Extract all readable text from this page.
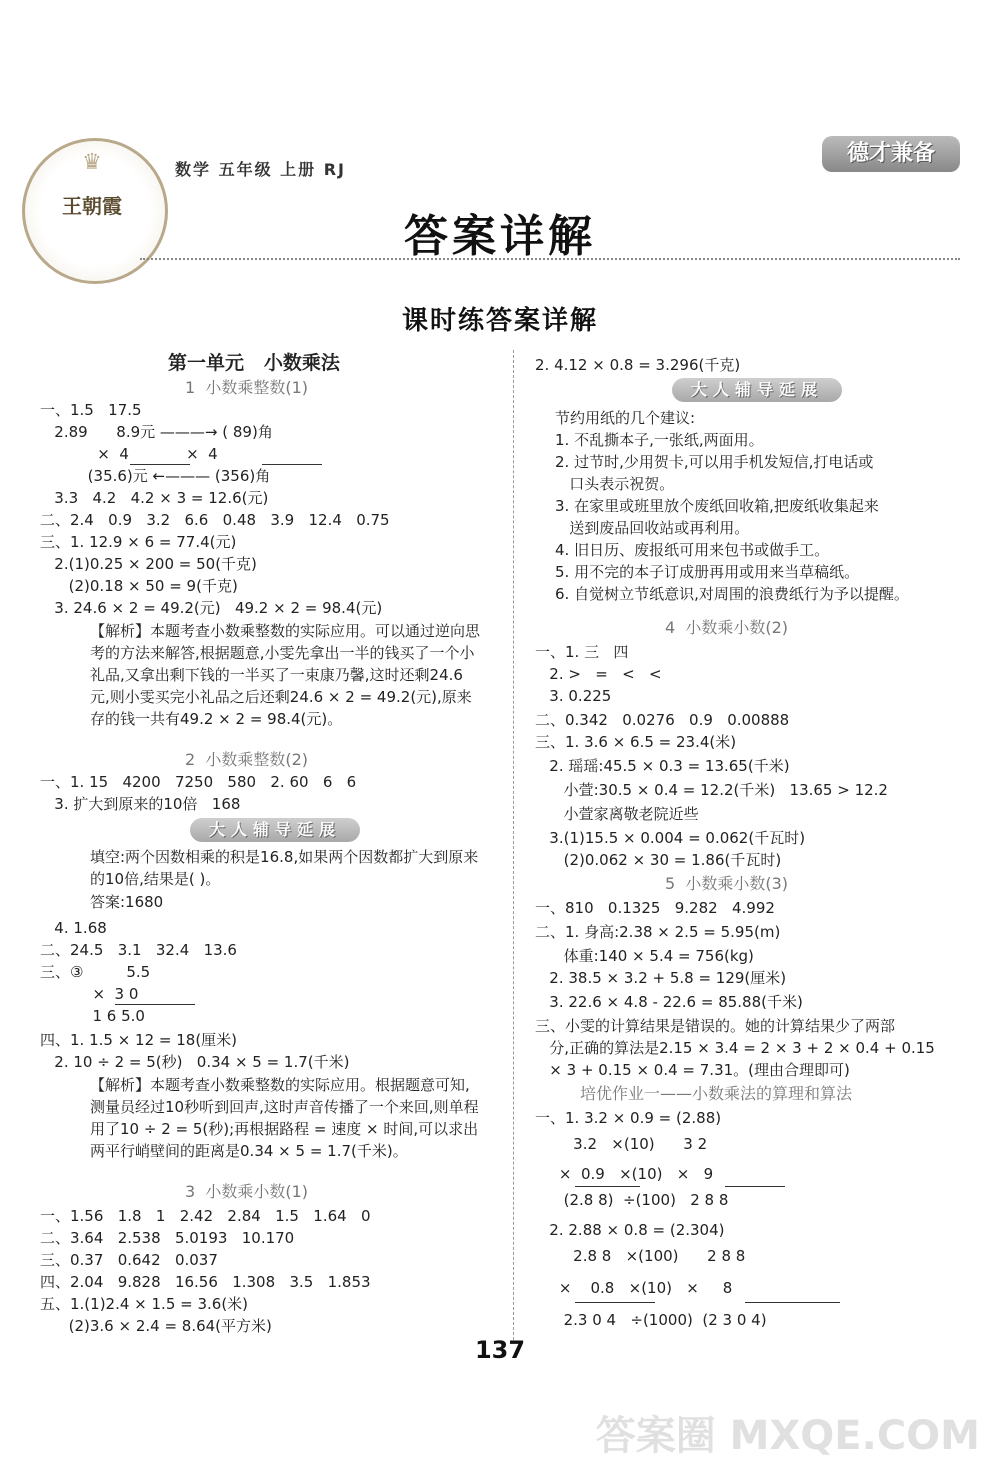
♛
王朝霞
数学 五年级 上册 RJ
德才兼备
答案详解
课时练答案详解
第一单元   小数乘法
1  小数乘整数(1)
一、1.5   17.5
2.89      8.9元 ———→ ( 89)角
×  4            ×  4
(35.6)元 ←——— (356)角
3.3   4.2   4.2 × 3 = 12.6(元)
二、2.4   0.9   3.2   6.6   0.48   3.9   12.4   0.75
三、1. 12.9 × 6 = 77.4(元)
2.(1)0.25 × 200 = 50(千克)
(2)0.18 × 50 = 9(千克)
3. 24.6 × 2 = 49.2(元)   49.2 × 2 = 98.4(元)
【解析】本题考查小数乘整数的实际应用。可以通过逆向思考的方法来解答,根据题意,小雯先拿出一半的钱买了一个小礼品,又拿出剩下钱的一半买了一束康乃馨,这时还剩24.6元,则小雯买完小礼品之后还剩24.6 × 2 = 49.2(元),原来存的钱一共有49.2 × 2 = 98.4(元)。
2  小数乘整数(2)
一、1. 15   4200   7250   580   2. 60   6   6
3. 扩大到原来的10倍   168
大人辅导延展
填空:两个因数相乘的积是16.8,如果两个因数都扩大到原来的10倍,结果是( )。
答案:1680
4. 1.68
二、24.5   3.1   32.4   13.6
三、③         5.5
×  3 0
1 6 5.0
四、1. 1.5 × 12 = 18(厘米)
2. 10 ÷ 2 = 5(秒)   0.34 × 5 = 1.7(千米)
【解析】本题考查小数乘整数的实际应用。根据题意可知,测量员经过10秒听到回声,这时声音传播了一个来回,则单程用了10 ÷ 2 = 5(秒);再根据路程 = 速度 × 时间,可以求出两平行峭壁间的距离是0.34 × 5 = 1.7(千米)。
3  小数乘小数(1)
一、1.56   1.8   1   2.42   2.84   1.5   1.64   0
二、3.64   2.538   5.0193   10.170
三、0.37   0.642   0.037
四、2.04   9.828   16.56   1.308   3.5   1.853
五、1.(1)2.4 × 1.5 = 3.6(米)
(2)3.6 × 2.4 = 8.64(平方米)
2. 4.12 × 0.8 = 3.296(千克)
大人辅导延展
节约用纸的几个建议:
1. 不乱撕本子,一张纸,两面用。
2. 过节时,少用贺卡,可以用手机发短信,打电话或
口头表示祝贺。
3. 在家里或班里放个废纸回收箱,把废纸收集起来
送到废品回收站或再利用。
4. 旧日历、废报纸可用来包书或做手工。
5. 用不完的本子订成册再用或用来当草稿纸。
6. 自觉树立节纸意识,对周围的浪费纸行为予以提醒。
4  小数乘小数(2)
一、1. 三   四
2. >   =   <   <
3. 0.225
二、0.342   0.0276   0.9   0.00888
三、1. 3.6 × 6.5 = 23.4(米)
2. 瑶瑶:45.5 × 0.3 = 13.65(千米)
小萱:30.5 × 0.4 = 12.2(千米)   13.65 > 12.2
小萱家离敬老院近些
3.(1)15.5 × 0.004 = 0.062(千瓦时)
(2)0.062 × 30 = 1.86(千瓦时)
5  小数乘小数(3)
一、810   0.1325   9.282   4.992
二、1. 身高:2.38 × 2.5 = 5.95(m)
体重:140 × 5.4 = 756(kg)
2. 38.5 × 3.2 + 5.8 = 129(厘米)
3. 22.6 × 4.8 - 22.6 = 85.88(千米)
三、小雯的计算结果是错误的。她的计算结果少了两部
分,正确的算法是2.15 × 3.4 = 2 × 3 + 2 × 0.4 + 0.15
× 3 + 0.15 × 0.4 = 7.31。(理由合理即可)
培优作业一——小数乘法的算理和算法
一、1. 3.2 × 0.9 = (2.88)
3.2   ×(10)      3 2
×  0.9   ×(10)   ×   9
(2.8 8)  ÷(100)   2 8 8
2. 2.88 × 0.8 = (2.304)
2.8 8   ×(100)      2 8 8
×    0.8   ×(10)   ×     8
2.3 0 4   ÷(1000)  (2 3 0 4)
137
答案圈 MXQE.COM
